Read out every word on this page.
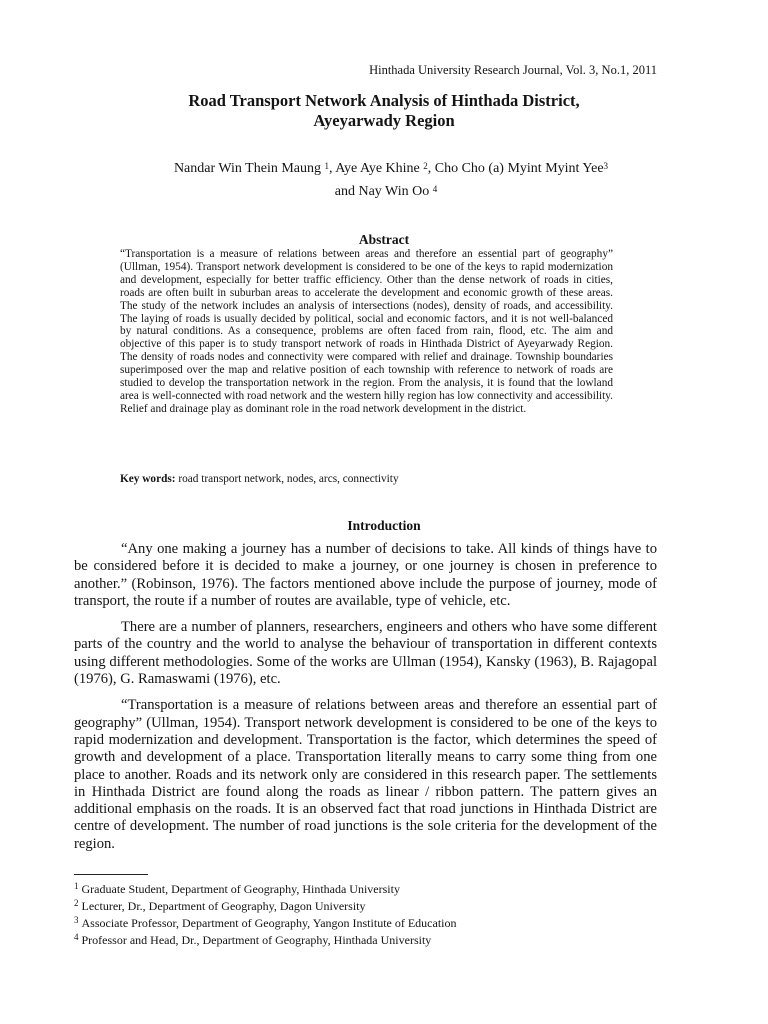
Hinthada University Research Journal, Vol. 3, No.1, 2011
Road Transport Network Analysis of Hinthada District,
Ayeyarwady Region
Nandar Win Thein Maung $^1$, Aye Aye Khine $^2$, Cho Cho (a) Myint Myint Yee$^3$
and Nay Win Oo $^4$
Abstract
“Transportation is a measure of relations between areas and therefore an essential part of geography” (Ullman, 1954). Transport network development is considered to be one of the keys to rapid modernization and development, especially for better traffic efficiency. Other than the dense network of roads in cities, roads are often built in suburban areas to accelerate the development and economic growth of these areas. The study of the network includes an analysis of intersections (nodes), density of roads, and accessibility. The laying of roads is usually decided by political, social and economic factors, and it is not well-balanced by natural conditions. As a consequence, problems are often faced from rain, flood, etc. The aim and objective of this paper is to study transport network of roads in Hinthada District of Ayeyarwady Region. The density of roads nodes and connectivity were compared with relief and drainage. Township boundaries superimposed over the map and relative position of each township with reference to network of roads are studied to develop the transportation network in the region. From the analysis, it is found that the lowland area is well-connected with road network and the western hilly region has low connectivity and accessibility. Relief and drainage play as dominant role in the road network development in the district.
Key words: road transport network, nodes, arcs, connectivity
Introduction

“Any one making a journey has a number of decisions to take. All kinds of things have to be considered before it is decided to make a journey, or one journey is chosen in preference to another.” (Robinson, 1976). The factors mentioned above include the purpose of journey, mode of transport, the route if a number of routes are available, type of vehicle, etc.

There are a number of planners, researchers, engineers and others who have some different parts of the country and the world to analyse the behaviour of transportation in different contexts using different methodologies. Some of the works are Ullman (1954), Kansky (1963), B. Rajagopal (1976), G. Ramaswami (1976), etc.

“Transportation is a measure of relations between areas and therefore an essential part of geography” (Ullman, 1954). Transport network development is considered to be one of the keys to rapid modernization and development. Transportation is the factor, which determines the speed of growth and development of a place. Transportation literally means to carry some thing from one place to another. Roads and its network only are considered in this research paper. The settlements in Hinthada District are found along the roads as linear / ribbon pattern. The pattern gives an additional emphasis on the roads. It is an observed fact that road junctions in Hinthada District are centre of development. The number of road junctions is the sole criteria for the development of the region.

$^1$ Graduate Student, Department of Geography, Hinthada University
$^2$ Lecturer, Dr., Department of Geography, Dagon University
$^3$ Associate Professor, Department of Geography, Yangon Institute of Education
$^4$ Professor and Head, Dr., Department of Geography, Hinthada University
